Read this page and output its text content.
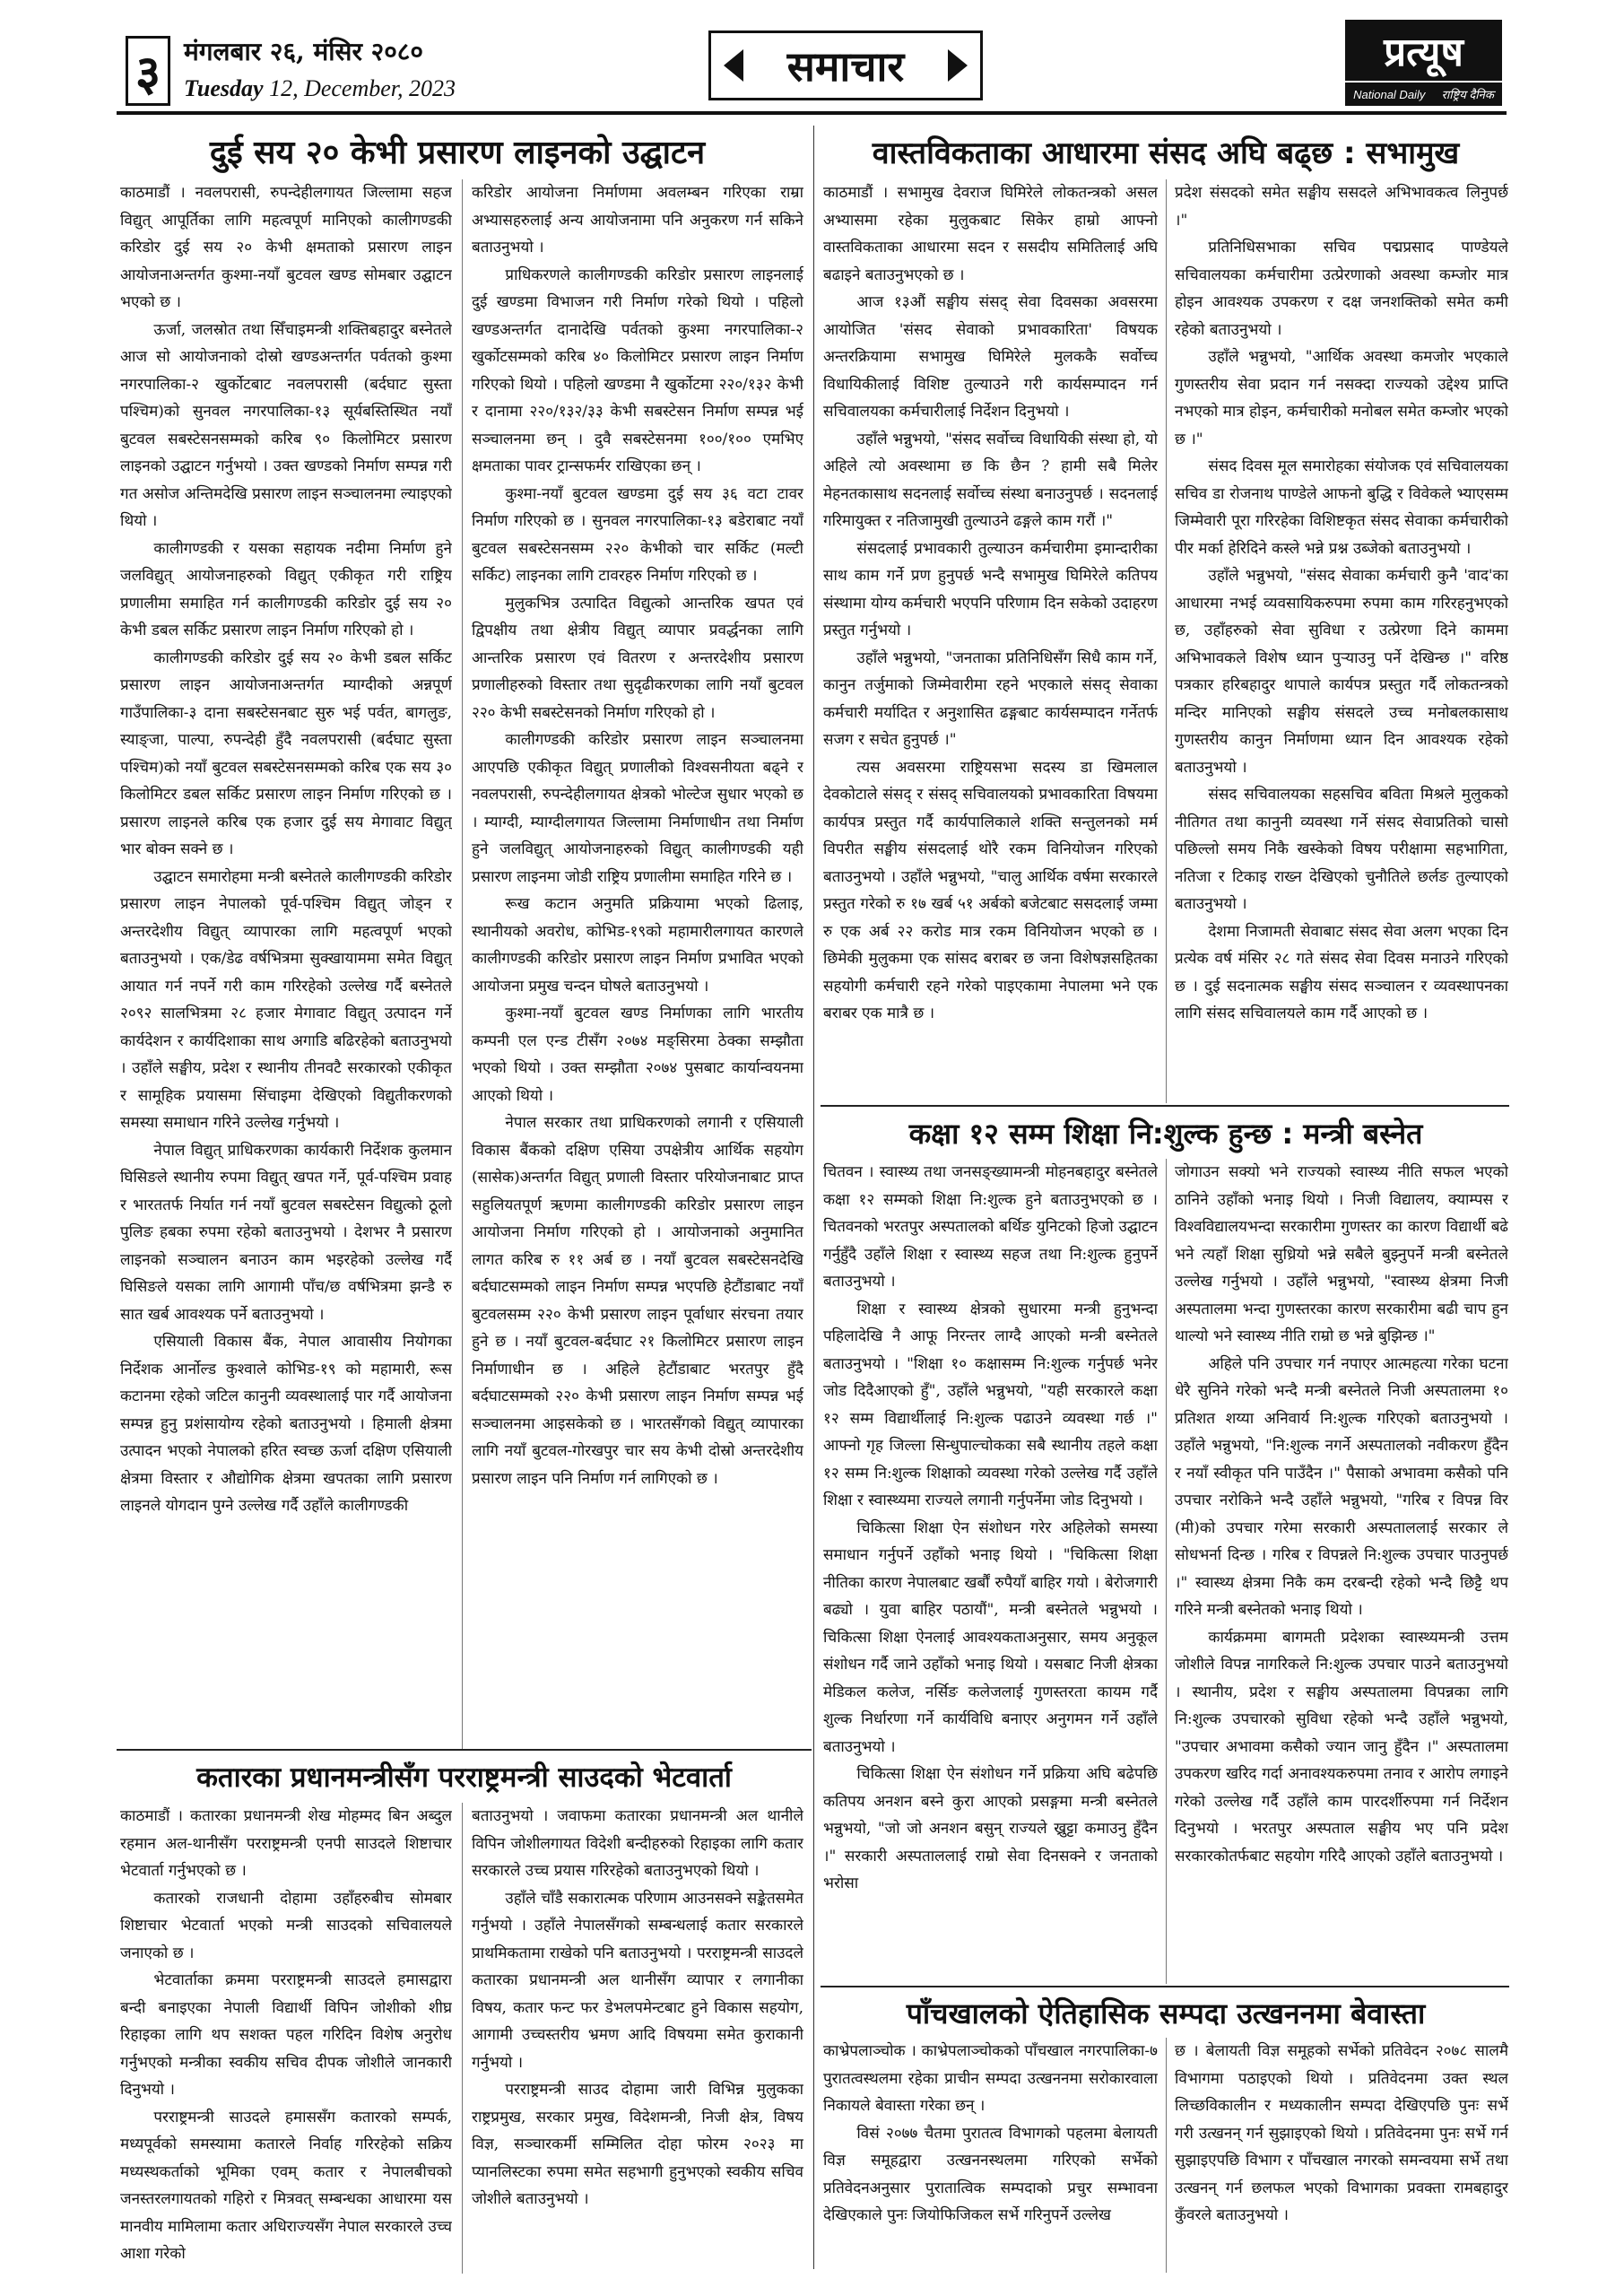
३ मंगलबार २६, मंसिर २०८०
Tuesday 12, December, 2023	समाचार	प्रत्यूष
National Daily राष्ट्रिय दैनिक
दुई सय २० केभी प्रसारण लाइनको उद्घाटन

काठमाडौं । नवलपरासी, रुपन्देहीलगायत जिल्लामा सहज विद्युत् आपूर्तिका लागि महत्वपूर्ण मानिएको कालीगण्डकी करिडोर दुई सय २० केभी क्षमताको प्रसारण लाइन आयोजनाअन्तर्गत कुश्मा-नयाँ बुटवल खण्ड सोमबार उद्घाटन भएको छ ।

ऊर्जा, जलस्रोत तथा सिँचाइमन्त्री शक्तिबहादुर बस्नेतले आज सो आयोजनाको दोस्रो खण्डअन्तर्गत पर्वतको कुश्मा नगरपालिका-२ खुर्कोटबाट नवलपरासी (बर्दघाट सुस्ता पश्चिम)को सुनवल नगरपालिका-१३ सूर्यबस्तिस्थित नयाँ बुटवल सबस्टेसनसम्मको करिब ९० किलोमिटर प्रसारण लाइनको उद्घाटन गर्नुभयो । उक्त खण्डको निर्माण सम्पन्न गरी गत असोज अन्तिमदेखि प्रसारण लाइन सञ्चालनमा ल्याइएको थियो ।

कालीगण्डकी र यसका सहायक नदीमा निर्माण हुने जलविद्युत् आयोजनाहरुको विद्युत् एकीकृत गरी राष्ट्रिय प्रणालीमा समाहित गर्न कालीगण्डकी करिडोर दुई सय २० केभी डबल सर्किट प्रसारण लाइन निर्माण गरिएको हो ।

कालीगण्डकी करिडोर दुई सय २० केभी डबल सर्किट प्रसारण लाइन आयोजनाअन्तर्गत म्याग्दीको अन्नपूर्ण गाउँपालिका-३ दाना सबस्टेसनबाट सुरु भई पर्वत, बागलुङ, स्याङ्जा, पाल्पा, रुपन्देही हुँदै नवलपरासी (बर्दघाट सुस्ता पश्चिम)को नयाँ बुटवल सबस्टेसनसम्मको करिब एक सय ३० किलोमिटर डबल सर्किट प्रसारण लाइन निर्माण गरिएको छ । प्रसारण लाइनले करिब एक हजार दुई सय मेगावाट विद्युत् भार बोक्न सक्ने छ ।

उद्घाटन समारोहमा मन्त्री बस्नेतले कालीगण्डकी करिडोर प्रसारण लाइन नेपालको पूर्व-पश्चिम विद्युत् जोड्न र अन्तरदेशीय विद्युत् व्यापारका लागि महत्वपूर्ण भएको बताउनुभयो । एक/डेढ वर्षभित्रमा सुक्खायाममा समेत विद्युत् आयात गर्न नपर्ने गरी काम गरिरहेको उल्लेख गर्दै बस्नेतले २०९२ सालभित्रमा २८ हजार मेगावाट विद्युत् उत्पादन गर्ने कार्यदेशन र कार्यदिशाका साथ अगाडि बढिरहेको बताउनुभयो । उहाँले सङ्घीय, प्रदेश र स्थानीय तीनवटै सरकारको एकीकृत र सामूहिक प्रयासमा सिंचाइमा देखिएको विद्युतीकरणको समस्या समाधान गरिने उल्लेख गर्नुभयो ।

नेपाल विद्युत् प्राधिकरणका कार्यकारी निर्देशक कुलमान घिसिङले स्थानीय रुपमा विद्युत् खपत गर्ने, पूर्व-पश्चिम प्रवाह र भारततर्फ निर्यात गर्न नयाँ बुटवल सबस्टेसन विद्युत्को ठूलो पुलिङ हबका रुपमा रहेको बताउनुभयो । देशभर नै प्रसारण लाइनको सञ्चालन बनाउन काम भइरहेको उल्लेख गर्दै घिसिङले यसका लागि आगामी पाँच/छ वर्षभित्रमा झन्डै रु सात खर्ब आवश्यक पर्ने बताउनुभयो ।

एसियाली विकास बैंक, नेपाल आवासीय नियोगका निर्देशक आर्नोल्ड कुश्वाले कोभिड-१९ को महामारी, रूस कटानमा रहेको जटिल कानुनी व्यवस्थालाई पार गर्दै आयोजना सम्पन्न हुनु प्रशंसायोग्य रहेको बताउनुभयो । हिमाली क्षेत्रमा उत्पादन भएको नेपालको हरित स्वच्छ ऊर्जा दक्षिण एसियाली क्षेत्रमा विस्तार र औद्योगिक क्षेत्रमा खपतका लागि प्रसारण लाइनले योगदान पुग्ने उल्लेख गर्दै उहाँले कालीगण्डकी

करिडोर आयोजना निर्माणमा अवलम्बन गरिएका राम्रा अभ्यासहरुलाई अन्य आयोजनामा पनि अनुकरण गर्न सकिने बताउनुभयो ।

प्राधिकरणले कालीगण्डकी करिडोर प्रसारण लाइनलाई दुई खण्डमा विभाजन गरी निर्माण गरेको थियो । पहिलो खण्डअन्तर्गत दानादेखि पर्वतको कुश्मा नगरपालिका-२ खुर्कोटसम्मको करिब ४० किलोमिटर प्रसारण लाइन निर्माण गरिएको थियो । पहिलो खण्डमा नै खुर्कोटमा २२०/१३२ केभी र दानामा २२०/१३२/३३ केभी सबस्टेसन निर्माण सम्पन्न भई सञ्चालनमा छन् । दुवै सबस्टेसनमा १००/१०० एमभिए क्षमताका पावर ट्रान्सफर्मर राखिएका छन् ।

कुश्मा-नयाँ बुटवल खण्डमा दुई सय ३६ वटा टावर निर्माण गरिएको छ । सुनवल नगरपालिका-१३ बडेराबाट नयाँ बुटवल सबस्टेसनसम्म २२० केभीको चार सर्किट (मल्टी सर्किट) लाइनका लागि टावरहरु निर्माण गरिएको छ ।

मुलुकभित्र उत्पादित विद्युत्को आन्तरिक खपत एवं द्विपक्षीय तथा क्षेत्रीय विद्युत् व्यापार प्रवर्द्धनका लागि आन्तरिक प्रसारण एवं वितरण र अन्तरदेशीय प्रसारण प्रणालीहरुको विस्तार तथा सुदृढीकरणका लागि नयाँ बुटवल २२० केभी सबस्टेसनको निर्माण गरिएको हो ।

कालीगण्डकी करिडोर प्रसारण लाइन सञ्चालनमा आएपछि एकीकृत विद्युत् प्रणालीको विश्वसनीयता बढ्ने र नवलपरासी, रुपन्देहीलगायत क्षेत्रको भोल्टेज सुधार भएको छ । म्याग्दी, म्याग्दीलगायत जिल्लामा निर्माणाधीन तथा निर्माण हुने जलविद्युत् आयोजनाहरुको विद्युत् कालीगण्डकी यही प्रसारण लाइनमा जोडी राष्ट्रिय प्रणालीमा समाहित गरिने छ ।

रूख कटान अनुमति प्रक्रियामा भएको ढिलाइ, स्थानीयको अवरोध, कोभिड-१९को महामारीलगायत कारणले कालीगण्डकी करिडोर प्रसारण लाइन निर्माण प्रभावित भएको आयोजना प्रमुख चन्दन घोषले बताउनुभयो ।

कुश्मा-नयाँ बुटवल खण्ड निर्माणका लागि भारतीय कम्पनी एल एन्ड टीसँग २०७४ मङ्सिरमा ठेक्का सम्झौता भएको थियो । उक्त सम्झौता २०७४ पुसबाट कार्यान्वयनमा आएको थियो ।

नेपाल सरकार तथा प्राधिकरणको लगानी र एसियाली विकास बैंकको दक्षिण एसिया उपक्षेत्रीय आर्थिक सहयोग (सासेक)अन्तर्गत विद्युत् प्रणाली विस्तार परियोजनाबाट प्राप्त सहुलियतपूर्ण ऋणमा कालीगण्डकी करिडोर प्रसारण लाइन आयोजना निर्माण गरिएको हो । आयोजनाको अनुमानित लागत करिब रु ११ अर्ब छ । नयाँ बुटवल सबस्टेसनदेखि बर्दघाटसम्मको लाइन निर्माण सम्पन्न भएपछि हेटौंडाबाट नयाँ बुटवलसम्म २२० केभी प्रसारण लाइन पूर्वाधार संरचना तयार हुने छ । नयाँ बुटवल-बर्दघाट २१ किलोमिटर प्रसारण लाइन निर्माणाधीन छ । अहिले हेटौंडाबाट भरतपुर हुँदै बर्दघाटसम्मको २२० केभी प्रसारण लाइन निर्माण सम्पन्न भई सञ्चालनमा आइसकेको छ । भारतसँगको विद्युत् व्यापारका लागि नयाँ बुटवल-गोरखपुर चार सय केभी दोस्रो अन्तरदेशीय प्रसारण लाइन पनि निर्माण गर्न लागिएको छ ।

वास्तविकताका आधारमा संसद अघि बढ्छ : सभामुख

काठमाडौं । सभामुख देवराज घिमिरेले लोकतन्त्रको असल अभ्यासमा रहेका मुलुकबाट सिकेर हाम्रो आफ्नो वास्तविकताका आधारमा सदन र ससदीय समितिलाई अघि बढाइने बताउनुभएको छ ।

आज १३औं सङ्घीय संसद् सेवा दिवसका अवसरमा आयोजित 'संसद सेवाको प्रभावकारिता' विषयक अन्तरक्रियामा सभामुख घिमिरेले मुलककै सर्वोच्च विधायिकीलाई विशिष्ट तुल्याउने गरी कार्यसम्पादन गर्न सचिवालयका कर्मचारीलाई निर्देशन दिनुभयो ।

उहाँले भन्नुभयो, "संसद सर्वोच्च विधायिकी संस्था हो, यो अहिले त्यो अवस्थामा छ कि छैन ? हामी सबै मिलेर मेहनतकासाथ सदनलाई सर्वोच्च संस्था बनाउनुपर्छ । सदनलाई गरिमायुक्त र नतिजामुखी तुल्याउने ढङ्गले काम गरौं ।"

संसदलाई प्रभावकारी तुल्याउन कर्मचारीमा इमान्दारीका साथ काम गर्ने प्रण हुनुपर्छ भन्दै सभामुख घिमिरेले कतिपय संस्थामा योग्य कर्मचारी भएपनि परिणाम दिन सकेको उदाहरण प्रस्तुत गर्नुभयो ।

उहाँले भन्नुभयो, "जनताका प्रतिनिधिसँग सिधै काम गर्ने, कानुन तर्जुमाको जिम्मेवारीमा रहने भएकाले संसद् सेवाका कर्मचारी मर्यादित र अनुशासित ढङ्गबाट कार्यसम्पादन गर्नेतर्फ सजग र सचेत हुनुपर्छ ।"

त्यस अवसरमा राष्ट्रियसभा सदस्य डा खिमलाल देवकोटाले संसद् र संसद् सचिवालयको प्रभावकारिता विषयमा कार्यपत्र प्रस्तुत गर्दै कार्यपालिकाले शक्ति सन्तुलनको मर्म विपरीत सङ्घीय संसदलाई थोरै रकम विनियोजन गरिएको बताउनुभयो । उहाँले भन्नुभयो, "चालु आर्थिक वर्षमा सरकारले प्रस्तुत गरेको रु १७ खर्ब ५१ अर्बको बजेटबाट ससदलाई जम्मा रु एक अर्ब २२ करोड मात्र रकम विनियोजन भएको छ । छिमेकी मुलुकमा एक सांसद बराबर छ जना विशेषज्ञसहितका सहयोगी कर्मचारी रहने गरेको पाइएकामा नेपालमा भने एक बराबर एक मात्रै छ ।

प्रदेश संसदको समेत सङ्घीय ससदले अभिभावकत्व लिनुपर्छ ।"

प्रतिनिधिसभाका सचिव पद्मप्रसाद पाण्डेयले सचिवालयका कर्मचारीमा उत्प्रेरणाको अवस्था कम्जोर मात्र होइन आवश्यक उपकरण र दक्ष जनशक्तिको समेत कमी रहेको बताउनुभयो ।

उहाँले भन्नुभयो, "आर्थिक अवस्था कमजोर भएकाले गुणस्तरीय सेवा प्रदान गर्न नसक्दा राज्यको उद्देश्य प्राप्ति नभएको मात्र होइन, कर्मचारीको मनोबल समेत कम्जोर भएको छ ।"

संसद दिवस मूल समारोहका संयोजक एवं सचिवालयका सचिव डा रोजनाथ पाण्डेले आफनो बुद्धि र विवेकले भ्याएसम्म जिम्मेवारी पूरा गरिरहेका विशिष्टकृत संसद सेवाका कर्मचारीको पीर मर्का हेरिदिने कस्ले भन्ने प्रश्न उब्जेको बताउनुभयो ।

उहाँले भन्नुभयो, "संसद सेवाका कर्मचारी कुनै 'वाद'का आधारमा नभई व्यवसायिकरुपमा रुपमा काम गरिरहनुभएको छ, उहाँहरुको सेवा सुविधा र उत्प्रेरणा दिने काममा अभिभावकले विशेष ध्यान पुऱ्याउनु पर्ने देखिन्छ ।" वरिष्ठ पत्रकार हरिबहादुर थापाले कार्यपत्र प्रस्तुत गर्दै लोकतन्त्रको मन्दिर मानिएको सङ्घीय संसदले उच्च मनोबलकासाथ गुणस्तरीय कानुन निर्माणमा ध्यान दिन आवश्यक रहेको बताउनुभयो ।

संसद सचिवालयका सहसचिव बविता मिश्रले मुलुकको नीतिगत तथा कानुनी व्यवस्था गर्ने संसद सेवाप्रतिको चासो पछिल्लो समय निकै खस्केको विषय परीक्षामा सहभागिता, नतिजा र टिकाइ राख्न देखिएको चुनौतिले छर्लङ तुल्याएको बताउनुभयो ।

देशमा निजामती सेवाबाट संसद सेवा अलग भएका दिन प्रत्येक वर्ष मंसिर २८ गते संसद सेवा दिवस मनाउने गरिएको छ । दुई सदनात्मक सङ्घीय संसद सञ्चालन र व्यवस्थापनका लागि संसद सचिवालयले काम गर्दै आएको छ ।

कक्षा १२ सम्म शिक्षा नि:शुल्क हुन्छ : मन्त्री बस्नेत

चितवन । स्वास्थ्य तथा जनसङ्ख्यामन्त्री मोहनबहादुर बस्नेतले कक्षा १२ सम्मको शिक्षा नि:शुल्क हुने बताउनुभएको छ । चितवनको भरतपुर अस्पतालको बर्थिङ युनिटको हिजो उद्घाटन गर्नुहुँदै उहाँले शिक्षा र स्वास्थ्य सहज तथा नि:शुल्क हुनुपर्ने बताउनुभयो ।

शिक्षा र स्वास्थ्य क्षेत्रको सुधारमा मन्त्री हुनुभन्दा पहिलादेखि नै आफू निरन्तर लाग्दै आएको मन्त्री बस्नेतले बताउनुभयो । "शिक्षा १० कक्षासम्म नि:शुल्क गर्नुपर्छ भनेर जोड दिदैआएको हुँ", उहाँले भन्नुभयो, "यही सरकारले कक्षा १२ सम्म विद्यार्थीलाई नि:शुल्क पढाउने व्यवस्था गर्छ ।" आफ्नो गृह जिल्ला सिन्धुपाल्चोकका सबै स्थानीय तहले कक्षा १२ सम्म नि:शुल्क शिक्षाको व्यवस्था गरेको उल्लेख गर्दै उहाँले शिक्षा र स्वास्थ्यमा राज्यले लगानी गर्नुपर्नेमा जोड दिनुभयो ।

चिकित्सा शिक्षा ऐन संशोधन गरेर अहिलेको समस्या समाधान गर्नुपर्ने उहाँको भनाइ थियो । "चिकित्सा शिक्षा नीतिका कारण नेपालबाट खर्बौं रुपैयाँ बाहिर गयो । बेरोजगारी बढ्यो । युवा बाहिर पठायौं", मन्त्री बस्नेतले भन्नुभयो । चिकित्सा शिक्षा ऐनलाई आवश्यकताअनुसार, समय अनुकूल संशोधन गर्दै जाने उहाँको भनाइ थियो । यसबाट निजी क्षेत्रका मेडिकल कलेज, नर्सिङ कलेजलाई गुणस्तरता कायम गर्दै शुल्क निर्धारणा गर्ने कार्यविधि बनाएर अनुगमन गर्ने उहाँले बताउनुभयो ।

चिकित्सा शिक्षा ऐन संशोधन गर्ने प्रक्रिया अघि बढेपछि कतिपय अनशन बस्ने कुरा आएको प्रसङ्गमा मन्त्री बस्नेतले भन्नुभयो, "जो जो अनशन बसुन् राज्यले ख्रुट्टा कमाउनु हुँदैन ।" सरकारी अस्पताललाई राम्रो सेवा दिनसक्ने र जनताको भरोसा

जोगाउन सक्यो भने राज्यको स्वास्थ्य नीति सफल भएको ठानिने उहाँको भनाइ थियो । निजी विद्यालय, क्याम्पस र विश्वविद्यालयभन्दा सरकारीमा गुणस्तर का कारण विद्यार्थी बढे भने त्यहाँ शिक्षा सुध्रियो भन्ने सबैले बुझ्नुपर्ने मन्त्री बस्नेतले उल्लेख गर्नुभयो । उहाँले भन्नुभयो, "स्वास्थ्य क्षेत्रमा निजी अस्पतालमा भन्दा गुणस्तरका कारण सरकारीमा बढी चाप हुन थाल्यो भने स्वास्थ्य नीति राम्रो छ भन्ने बुझिन्छ ।"

अहिले पनि उपचार गर्न नपाएर आत्महत्या गरेका घटना धेरै सुनिने गरेको भन्दै मन्त्री बस्नेतले निजी अस्पतालमा १० प्रतिशत शय्या अनिवार्य नि:शुल्क गरिएको बताउनुभयो । उहाँले भन्नुभयो, "नि:शुल्क नगर्ने अस्पतालको नवीकरण हुँदैन र नयाँ स्वीकृत पनि पाउँदैन ।" पैसाको अभावमा कसैको पनि उपचार नरोकिने भन्दै उहाँले भन्नुभयो, "गरिब र विपन्न विर (मी)को उपचार गरेमा सरकारी अस्पताललाई सरकार ले सोधभर्ना दिन्छ । गरिब र विपन्नले नि:शुल्क उपचार पाउनुपर्छ ।" स्वास्थ्य क्षेत्रमा निकै कम दरबन्दी रहेको भन्दै छिट्टै थप गरिने मन्त्री बस्नेतको भनाइ थियो ।

कार्यक्रममा बागमती प्रदेशका स्वास्थ्यमन्त्री उत्तम जोशीले विपन्न नागरिकले नि:शुल्क उपचार पाउने बताउनुभयो । स्थानीय, प्रदेश र सङ्घीय अस्पतालमा विपन्नका लागि नि:शुल्क उपचारको सुविधा रहेको भन्दै उहाँले भन्नुभयो, "उपचार अभावमा कसैको ज्यान जानु हुँदैन ।" अस्पतालमा उपकरण खरिद गर्दा अनावश्यकरुपमा तनाव र आरोप लगाइने गरेको उल्लेख गर्दै उहाँले काम पारदर्शीरुपमा गर्न निर्देशन दिनुभयो । भरतपुर अस्पताल सङ्घीय भए पनि प्रदेश सरकारकोतर्फबाट सहयोग गरिदै आएको उहाँले बताउनुभयो ।

कतारका प्रधानमन्त्रीसँग परराष्ट्रमन्त्री साउदको भेटवार्ता

काठमाडौं । कतारका प्रधानमन्त्री शेख मोहम्मद बिन अब्दुल रहमान अल-थानीसँग परराष्ट्रमन्त्री एनपी साउदले शिष्टाचार भेटवार्ता गर्नुभएको छ ।

कतारको राजधानी दोहामा उहाँहरुबीच सोमबार शिष्टाचार भेटवार्ता भएको मन्त्री साउदको सचिवालयले जनाएको छ ।

भेटवार्ताका क्रममा परराष्ट्रमन्त्री साउदले हमासद्वारा बन्दी बनाइएका नेपाली विद्यार्थी विपिन जोशीको शीघ्र रिहाइका लागि थप सशक्त पहल गरिदिन विशेष अनुरोध गर्नुभएको मन्त्रीका स्वकीय सचिव दीपक जोशीले जानकारी दिनुभयो ।

परराष्ट्रमन्त्री साउदले हमाससँग कतारको सम्पर्क, मध्यपूर्वको समस्यामा कतारले निर्वाह गरिरहेको सक्रिय मध्यस्थकर्ताको भूमिका एवम् कतार र नेपालबीचको जनस्तरलगायतको गहिरो र मित्रवत् सम्बन्धका आधारमा यस मानवीय मामिलामा कतार अधिराज्यसँग नेपाल सरकारले उच्च आशा गरेको

बताउनुभयो । जवाफमा कतारका प्रधानमन्त्री अल थानीले विपिन जोशीलगायत विदेशी बन्दीहरुको रिहाइका लागि कतार सरकारले उच्च प्रयास गरिरहेको बताउनुभएको थियो ।

उहाँले चाँडै सकारात्मक परिणाम आउनसक्ने सङ्केतसमेत गर्नुभयो । उहाँले नेपालसँगको सम्बन्धलाई कतार सरकारले प्राथमिकतामा राखेको पनि बताउनुभयो । परराष्ट्रमन्त्री साउदले कतारका प्रधानमन्त्री अल थानीसँग व्यापार र लगानीका विषय, कतार फन्ट फर डेभलपमेन्टबाट हुने विकास सहयोग, आगामी उच्चस्तरीय भ्रमण आदि विषयमा समेत कुराकानी गर्नुभयो ।

परराष्ट्रमन्त्री साउद दोहामा जारी विभिन्न मुलुकका राष्ट्रप्रमुख, सरकार प्रमुख, विदेशमन्त्री, निजी क्षेत्र, विषय विज्ञ, सञ्चारकर्मी सम्मिलित दोहा फोरम २०२३ मा प्यानलिस्टका रुपमा समेत सहभागी हुनुभएको स्वकीय सचिव जोशीले बताउनुभयो ।

पाँचखालको ऐतिहासिक सम्पदा उत्खननमा बेवास्ता

काभ्रेपलाञ्चोक । काभ्रेपलाञ्चोकको पाँचखाल नगरपालिका-७ पुरातत्वस्थलमा रहेका प्राचीन सम्पदा उत्खननमा सरोकारवाला निकायले बेवास्ता गरेका छन् ।

विसं २०७७ चैतमा पुरातत्व विभागको पहलमा बेलायती विज्ञ समूहद्वारा उत्खननस्थलमा गरिएको सर्भेको प्रतिवेदनअनुसार पुरातात्विक सम्पदाको प्रचुर सम्भावना देखिएकाले पुनः जियोफिजिकल सर्भे गरिनुपर्ने उल्लेख

छ । बेलायती विज्ञ समूहको सर्भेको प्रतिवेदन २०७८ सालमै विभागमा पठाइएको थियो । प्रतिवेदनमा उक्त स्थल लिच्छविकालीन र मध्यकालीन सम्पदा देखिएपछि पुनः सर्भे गरी उत्खनन् गर्न सुझाइएको थियो । प्रतिवेदनमा पुनः सर्भे गर्न सुझाइएपछि विभाग र पाँचखाल नगरको समन्वयमा सर्भे तथा उत्खनन् गर्न छलफल भएको विभागका प्रवक्ता रामबहादुर कुँवरले बताउनुभयो ।
